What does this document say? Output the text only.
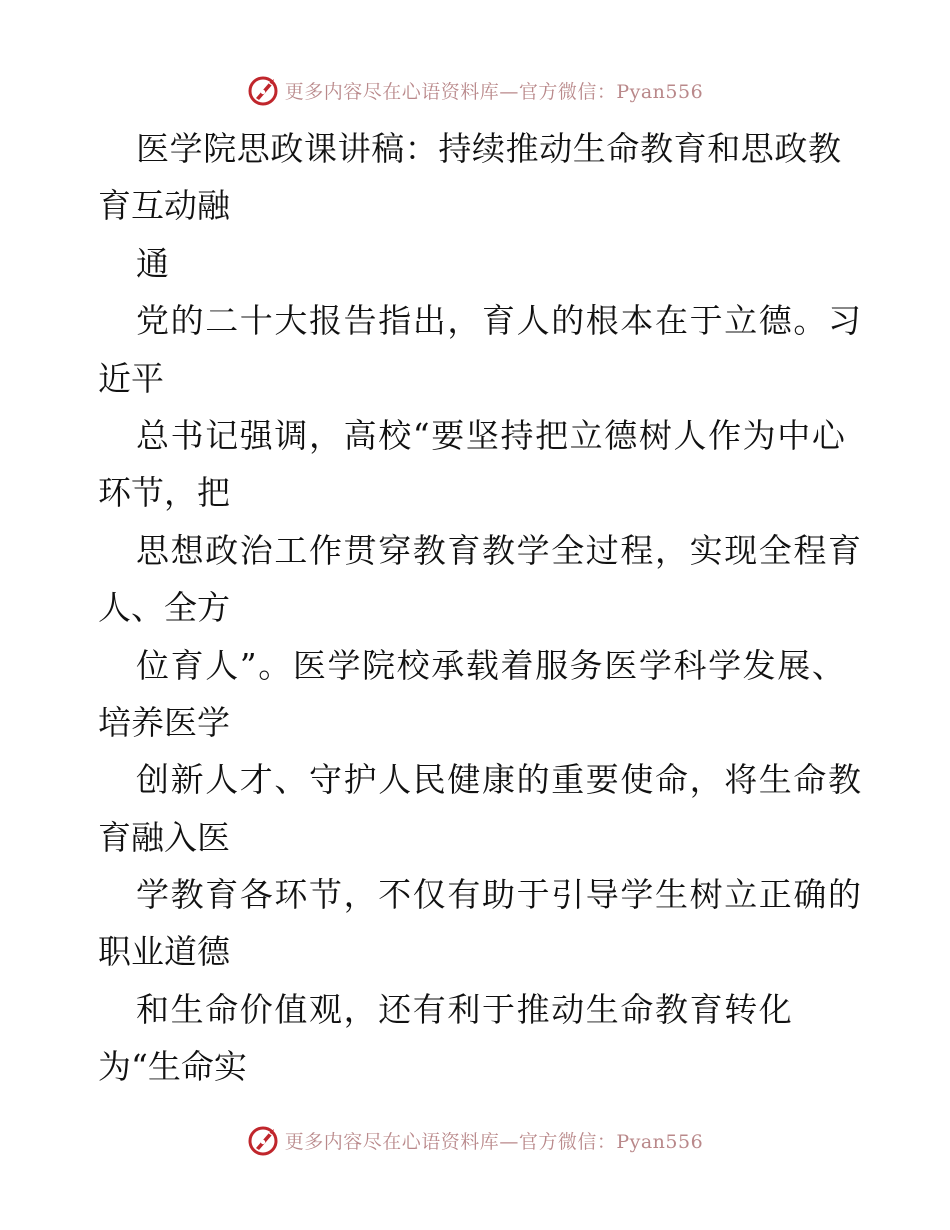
更多内容尽在心语资料库—官方微信：Pyan556
医学院思政课讲稿：持续推动生命教育和思政教
育互动融
通
党的二十大报告指出，育人的根本在于立德。习
近平
总书记强调，高校“要坚持把立德树人作为中心
环节，把
思想政治工作贯穿教育教学全过程，实现全程育
人、全方
位育人”。医学院校承载着服务医学科学发展、
培养医学
创新人才、守护人民健康的重要使命，将生命教
育融入医
学教育各环节，不仅有助于引导学生树立正确的
职业道德
和生命价值观，还有利于推动生命教育转化
为“生命实
更多内容尽在心语资料库—官方微信：Pyan556
